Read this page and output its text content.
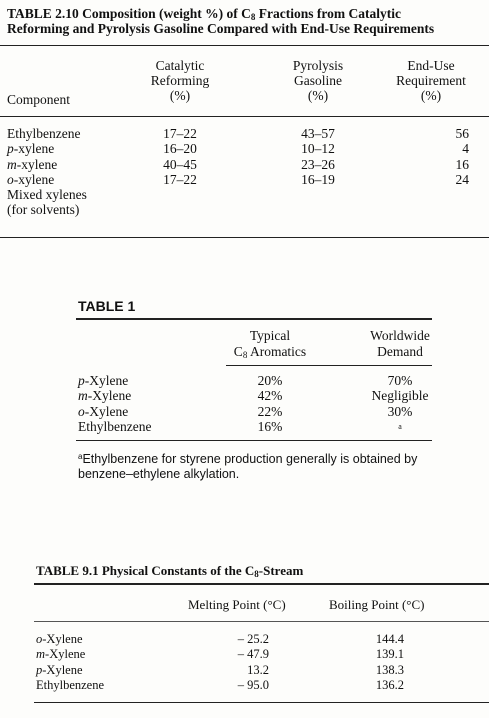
TABLE 2.10 Composition (weight %) of $C_8$ Fractions from Catalytic
Reforming and Pyrolysis Gasoline Compared with End-Use Requirements
Catalytic
Reforming
(%)
Pyrolysis
Gasoline
(%)
End-Use
Requirement
(%)
Component
Ethylbenzene
p-xylene
m-xylene
o-xylene
Mixed xylenes
(for solvents)
17–22
16–20
40–45
17–22
43–57
10–12
23–26
16–19
56
4
16
24
TABLE 1
Typical
$C_8$ Aromatics
Worldwide
Demand
p-Xylene
m-Xylene
o-Xylene
Ethylbenzene
20%
42%
22%
16%
70%
Negligible
30%
a
$^a$Ethylbenzene for styrene production generally is obtained by
benzene–ethylene alkylation.
TABLE 9.1 Physical Constants of the $C_8$-Stream
Melting Point (°C)	Boiling Point (°C)
o-Xylene
m-Xylene
p-Xylene
Ethylbenzene
– 25.2
– 47.9
13.2
– 95.0
144.4
139.1
138.3
136.2
